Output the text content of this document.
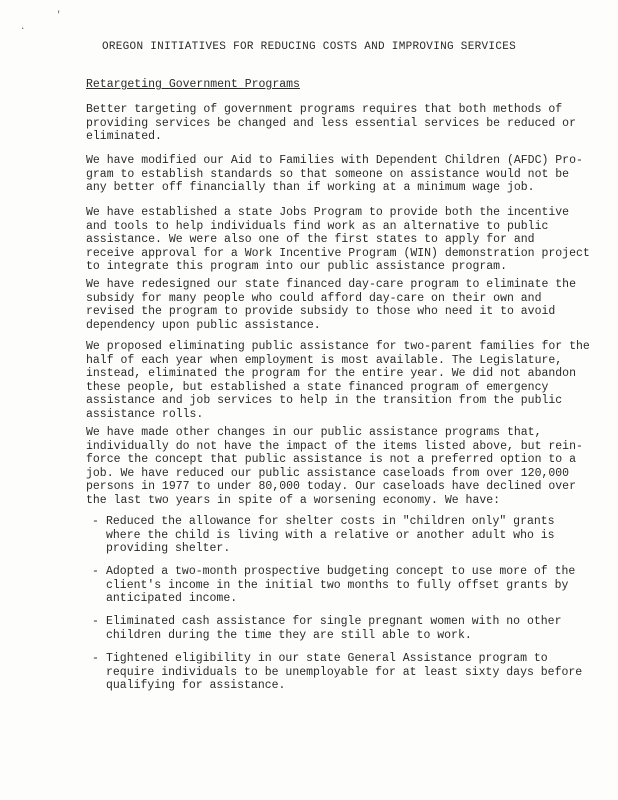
'
.
OREGON INITIATIVES FOR REDUCING COSTS AND IMPROVING SERVICES
Retargeting Government Programs
Better targeting of government programs requires that both methods of
providing services be changed and less essential services be reduced or
eliminated.
We have modified our Aid to Families with Dependent Children (AFDC) Pro-
gram to establish standards so that someone on assistance would not be
any better off financially than if working at a minimum wage job.
We have established a state Jobs Program to provide both the incentive
and tools to help individuals find work as an alternative to public
assistance. We were also one of the first states to apply for and
receive approval for a Work Incentive Program (WIN) demonstration project
to integrate this program into our public assistance program.
We have redesigned our state financed day-care program to eliminate the
subsidy for many people who could afford day-care on their own and
revised the program to provide subsidy to those who need it to avoid
dependency upon public assistance.
We proposed eliminating public assistance for two-parent families for the
half of each year when employment is most available. The Legislature,
instead, eliminated the program for the entire year. We did not abandon
these people, but established a state financed program of emergency
assistance and job services to help in the transition from the public
assistance rolls.
We have made other changes in our public assistance programs that,
individually do not have the impact of the items listed above, but rein-
force the concept that public assistance is not a preferred option to a
job. We have reduced our public assistance caseloads from over 120,000
persons in 1977 to under 80,000 today. Our caseloads have declined over
the last two years in spite of a worsening economy. We have:
- Reduced the allowance for shelter costs in "children only" grants
where the child is living with a relative or another adult who is
providing shelter.
- Adopted a two-month prospective budgeting concept to use more of the
client's income in the initial two months to fully offset grants by
anticipated income.
- Eliminated cash assistance for single pregnant women with no other
children during the time they are still able to work.
- Tightened eligibility in our state General Assistance program to
require individuals to be unemployable for at least sixty days before
qualifying for assistance.
